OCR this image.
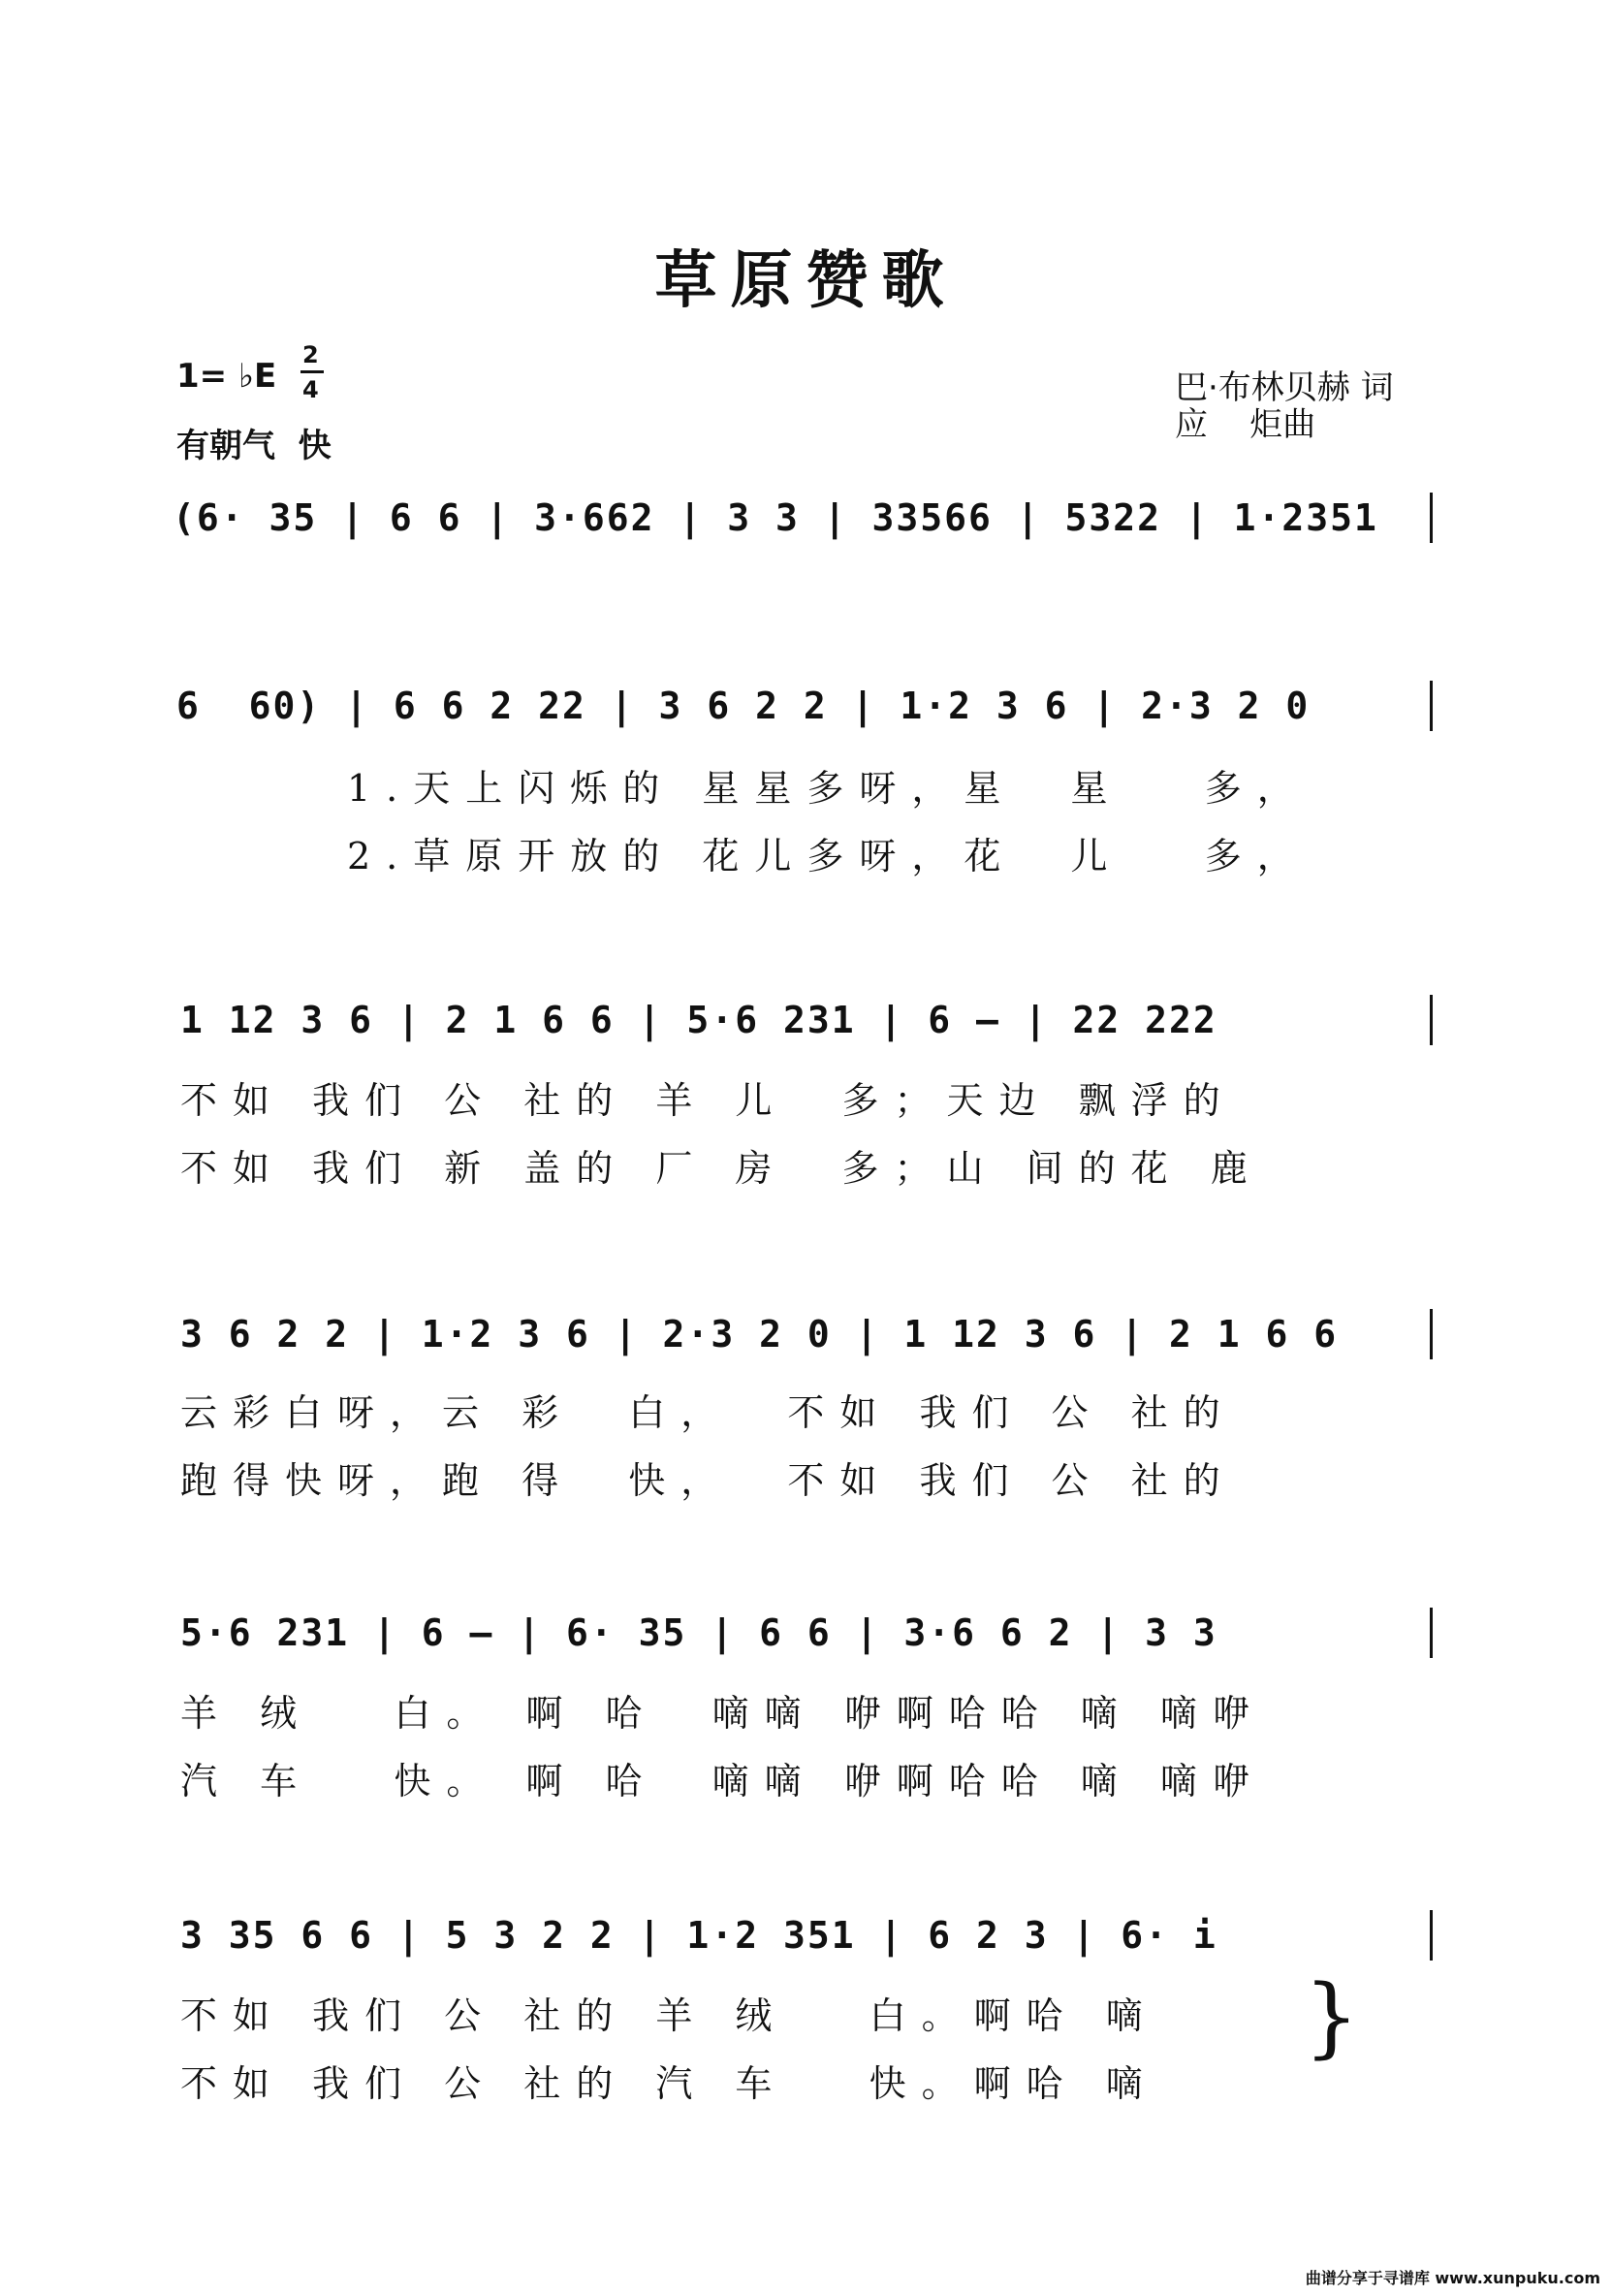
草原赞歌
1= ♭E
2
4
有朝气  快
巴·布林贝赫 词
应    炬曲
(6· 35 | 6 6 | 3·662 | 3 3 | 33566 | 5322 | 1·2351
6  60) | 6 6 2 22 | 3 6 2 2 | 1·2 3 6 | 2·3 2 0
1.天上闪烁的 星星多呀，星  星   多，
2.草原开放的 花儿多呀，花  儿   多，
1 12 3 6 | 2 1 6 6 | 5·6 231 | 6 – | 22 222
不如 我们 公 社的 羊 儿  多；天边 飘浮的
不如 我们 新 盖的 厂 房  多；山 间的花 鹿
3 6 2 2 | 1·2 3 6 | 2·3 2 0 | 1 12 3 6 | 2 1 6 6
云彩白呀，云 彩  白，  不如 我们 公 社的
跑得快呀，跑 得  快，  不如 我们 公 社的
5·6 231 | 6 – | 6· 35 | 6 6 | 3·6 6 2 | 3 3
羊 绒   白。 啊 哈  嘀嘀 咿啊哈哈 嘀 嘀咿
汽 车   快。 啊 哈  嘀嘀 咿啊哈哈 嘀 嘀咿
3 35 6 6 | 5 3 2 2 | 1·2 351 | 6 2 3 | 6· i
不如 我们 公 社的 羊 绒   白。啊哈 嘀
不如 我们 公 社的 汽 车   快。啊哈 嘀
}
曲谱分享于寻谱库 www.xunpuku.com
